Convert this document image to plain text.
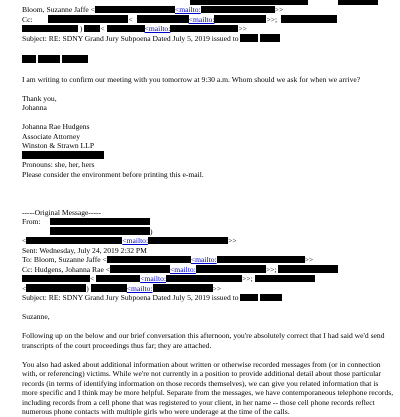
Bloom, Suzanne Jaffe <	<mailto:	>>
Cc:	<	<mailto:	>>;
) <	<mailto:	>>
Subject: RE: SDNY Grand Jury Subpoena Dated July 5, 2019 issued to

I am writing to confirm our meeting with you tomorrow at 9:30 a.m. Whom should we ask for when we arrive?
Thank you,
Johanna
Johanna Rae Hudgens
Associate Attorney
Winston & Strawn LLP
Pronouns: she, her, hers
Please consider the environment before printing this e-mail.
-----Original Message-----
From:
)
<	<mailto:	>>
Sent: Wednesday, July 24, 2019 2:32 PM
To: Bloom, Suzanne Jaffe <	<mailto:	>>
Cc: Hudgens, Johanna Rae <	<mailto:	>>;
<	<mailto:	>>;
<	)	<mailto:	>>
Subject: RE: SDNY Grand Jury Subpoena Dated July 5, 2019 issued to
Suzanne,
Following up on the below and our brief conversation this afternoon, you're absolutely correct that I had said we'd send transcripts of the court proceedings thus far; they are attached.
You also had asked about additional information about written or otherwise recorded messages from (or in connection with, or referencing) victims. While we're not currently in a position to provide additional detail about those particular records (in terms of identifying information on those records themselves), we can give you related information that is more specific and I think may be more helpful. Separate from the messages, we have contemporaneous telephone records, including records from a cell phone that was registered to your client, in her name -- those cell phone records reflect numerous phone contacts with multiple girls who were underage at the time of the calls.
